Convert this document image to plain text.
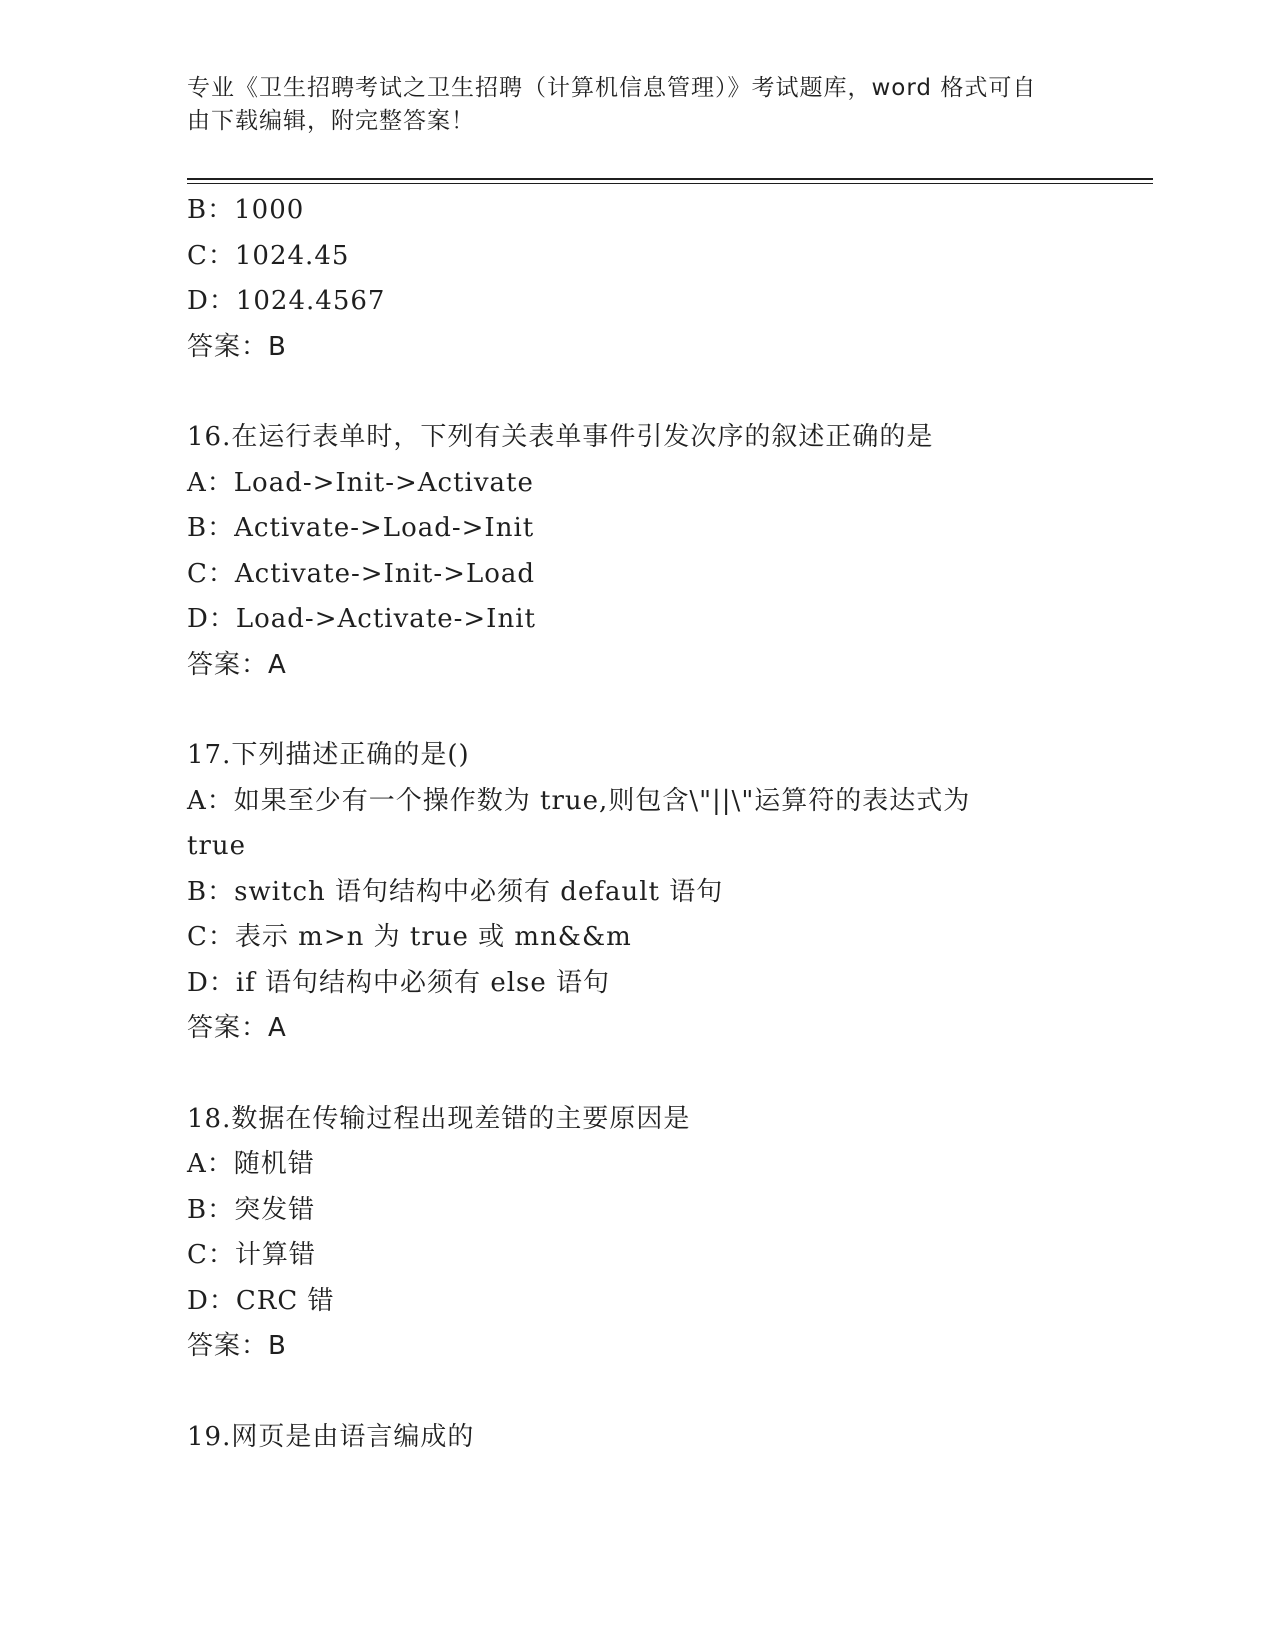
专业《卫生招聘考试之卫生招聘（计算机信息管理）》考试题库，word 格式可自
由下载编辑，附完整答案！
B：1000
C：1024.45
D：1024.4567
答案：B
16.在运行表单时，下列有关表单事件引发次序的叙述正确的是
A：Load->Init->Activate
B：Activate->Load->Init
C：Activate->Init->Load
D：Load->Activate->Init
答案：A
17.下列描述正确的是()
A：如果至少有一个操作数为 true,则包含\"||\"运算符的表达式为 true
B：switch 语句结构中必须有 default 语句
C：表示 m>n 为 true 或 mn&&m
D：if 语句结构中必须有 else 语句
答案：A
18.数据在传输过程出现差错的主要原因是
A：随机错
B：突发错
C：计算错
D：CRC 错
答案：B
19.网页是由语言编成的
